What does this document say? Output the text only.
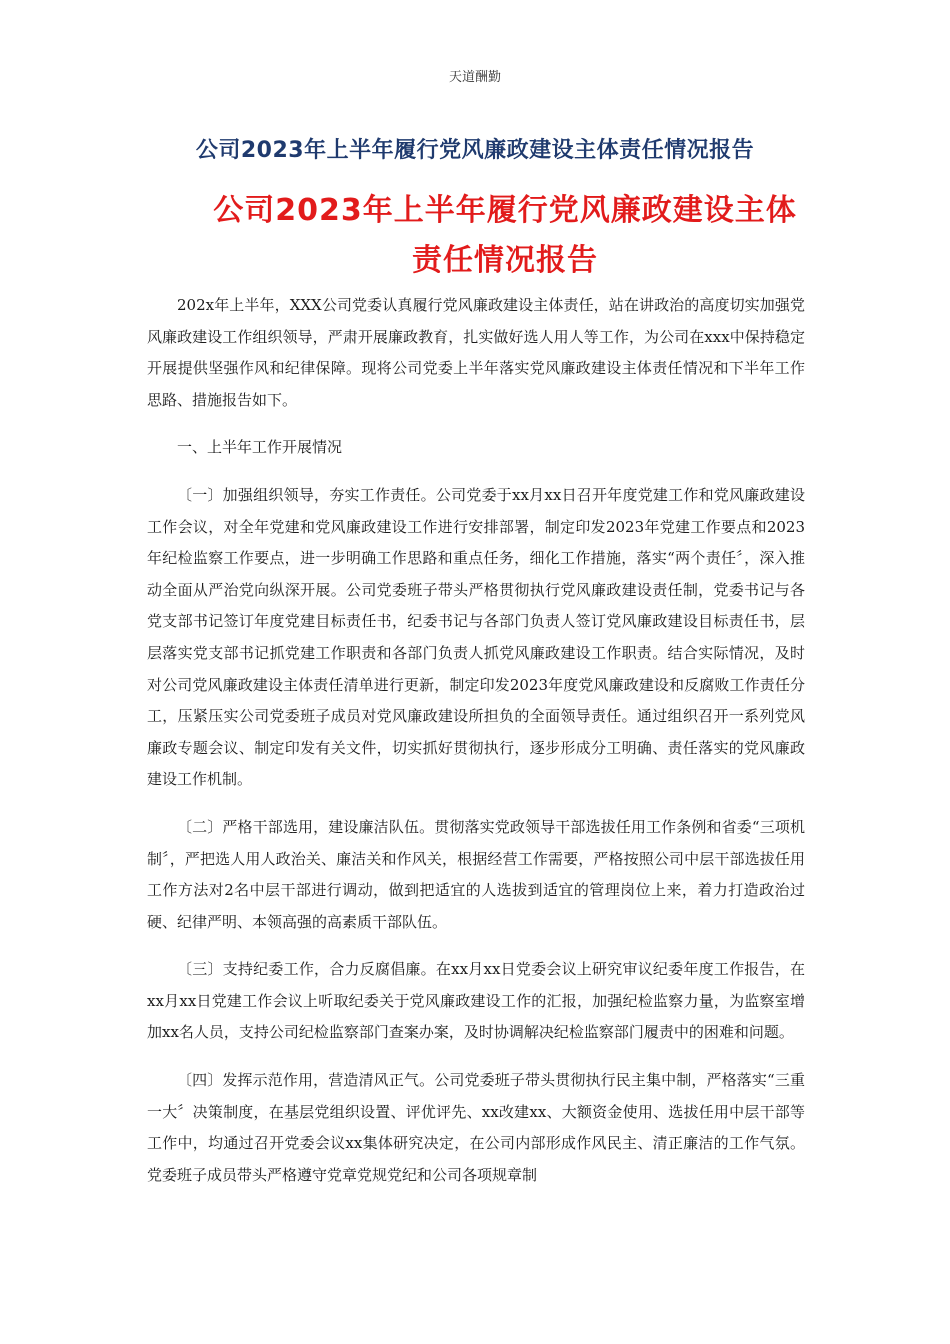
天道酬勤
公司2023年上半年履行党风廉政建设主体责任情况报告
公司2023年上半年履行党风廉政建设主体责任情况报告

202x年上半年，XXX公司党委认真履行党风廉政建设主体责任，站在讲政治的高度切实加强党风廉政建设工作组织领导，严肃开展廉政教育，扎实做好选人用人等工作，为公司在xxx中保持稳定开展提供坚强作风和纪律保障。现将公司党委上半年落实党风廉政建设主体责任情况和下半年工作思路、措施报告如下。

一、上半年工作开展情况

〔一〕加强组织领导，夯实工作责任。公司党委于xx月xx日召开年度党建工作和党风廉政建设工作会议，对全年党建和党风廉政建设工作进行安排部署，制定印发2023年党建工作要点和2023年纪检监察工作要点，进一步明确工作思路和重点任务，细化工作措施，落实“两个责任〞，深入推动全面从严治党向纵深开展。公司党委班子带头严格贯彻执行党风廉政建设责任制，党委书记与各党支部书记签订年度党建目标责任书，纪委书记与各部门负责人签订党风廉政建设目标责任书，层层落实党支部书记抓党建工作职责和各部门负责人抓党风廉政建设工作职责。结合实际情况，及时对公司党风廉政建设主体责任清单进行更新，制定印发2023年度党风廉政建设和反腐败工作责任分工，压紧压实公司党委班子成员对党风廉政建设所担负的全面领导责任。通过组织召开一系列党风廉政专题会议、制定印发有关文件，切实抓好贯彻执行，逐步形成分工明确、责任落实的党风廉政建设工作机制。

〔二〕严格干部选用，建设廉洁队伍。贯彻落实党政领导干部选拔任用工作条例和省委“三项机制〞，严把选人用人政治关、廉洁关和作风关，根据经营工作需要，严格按照公司中层干部选拔任用工作方法对2名中层干部进行调动，做到把适宜的人选拔到适宜的管理岗位上来，着力打造政治过硬、纪律严明、本领高强的高素质干部队伍。

〔三〕支持纪委工作，合力反腐倡廉。在xx月xx日党委会议上研究审议纪委年度工作报告，在xx月xx日党建工作会议上听取纪委关于党风廉政建设工作的汇报，加强纪检监察力量，为监察室增加xx名人员，支持公司纪检监察部门查案办案，及时协调解决纪检监察部门履责中的困难和问题。

〔四〕发挥示范作用，营造清风正气。公司党委班子带头贯彻执行民主集中制，严格落实“三重一大〞决策制度，在基层党组织设置、评优评先、xx改建xx、大额资金使用、选拔任用中层干部等工作中，均通过召开党委会议xx集体研究决定，在公司内部形成作风民主、清正廉洁的工作气氛。党委班子成员带头严格遵守党章党规党纪和公司各项规章制
